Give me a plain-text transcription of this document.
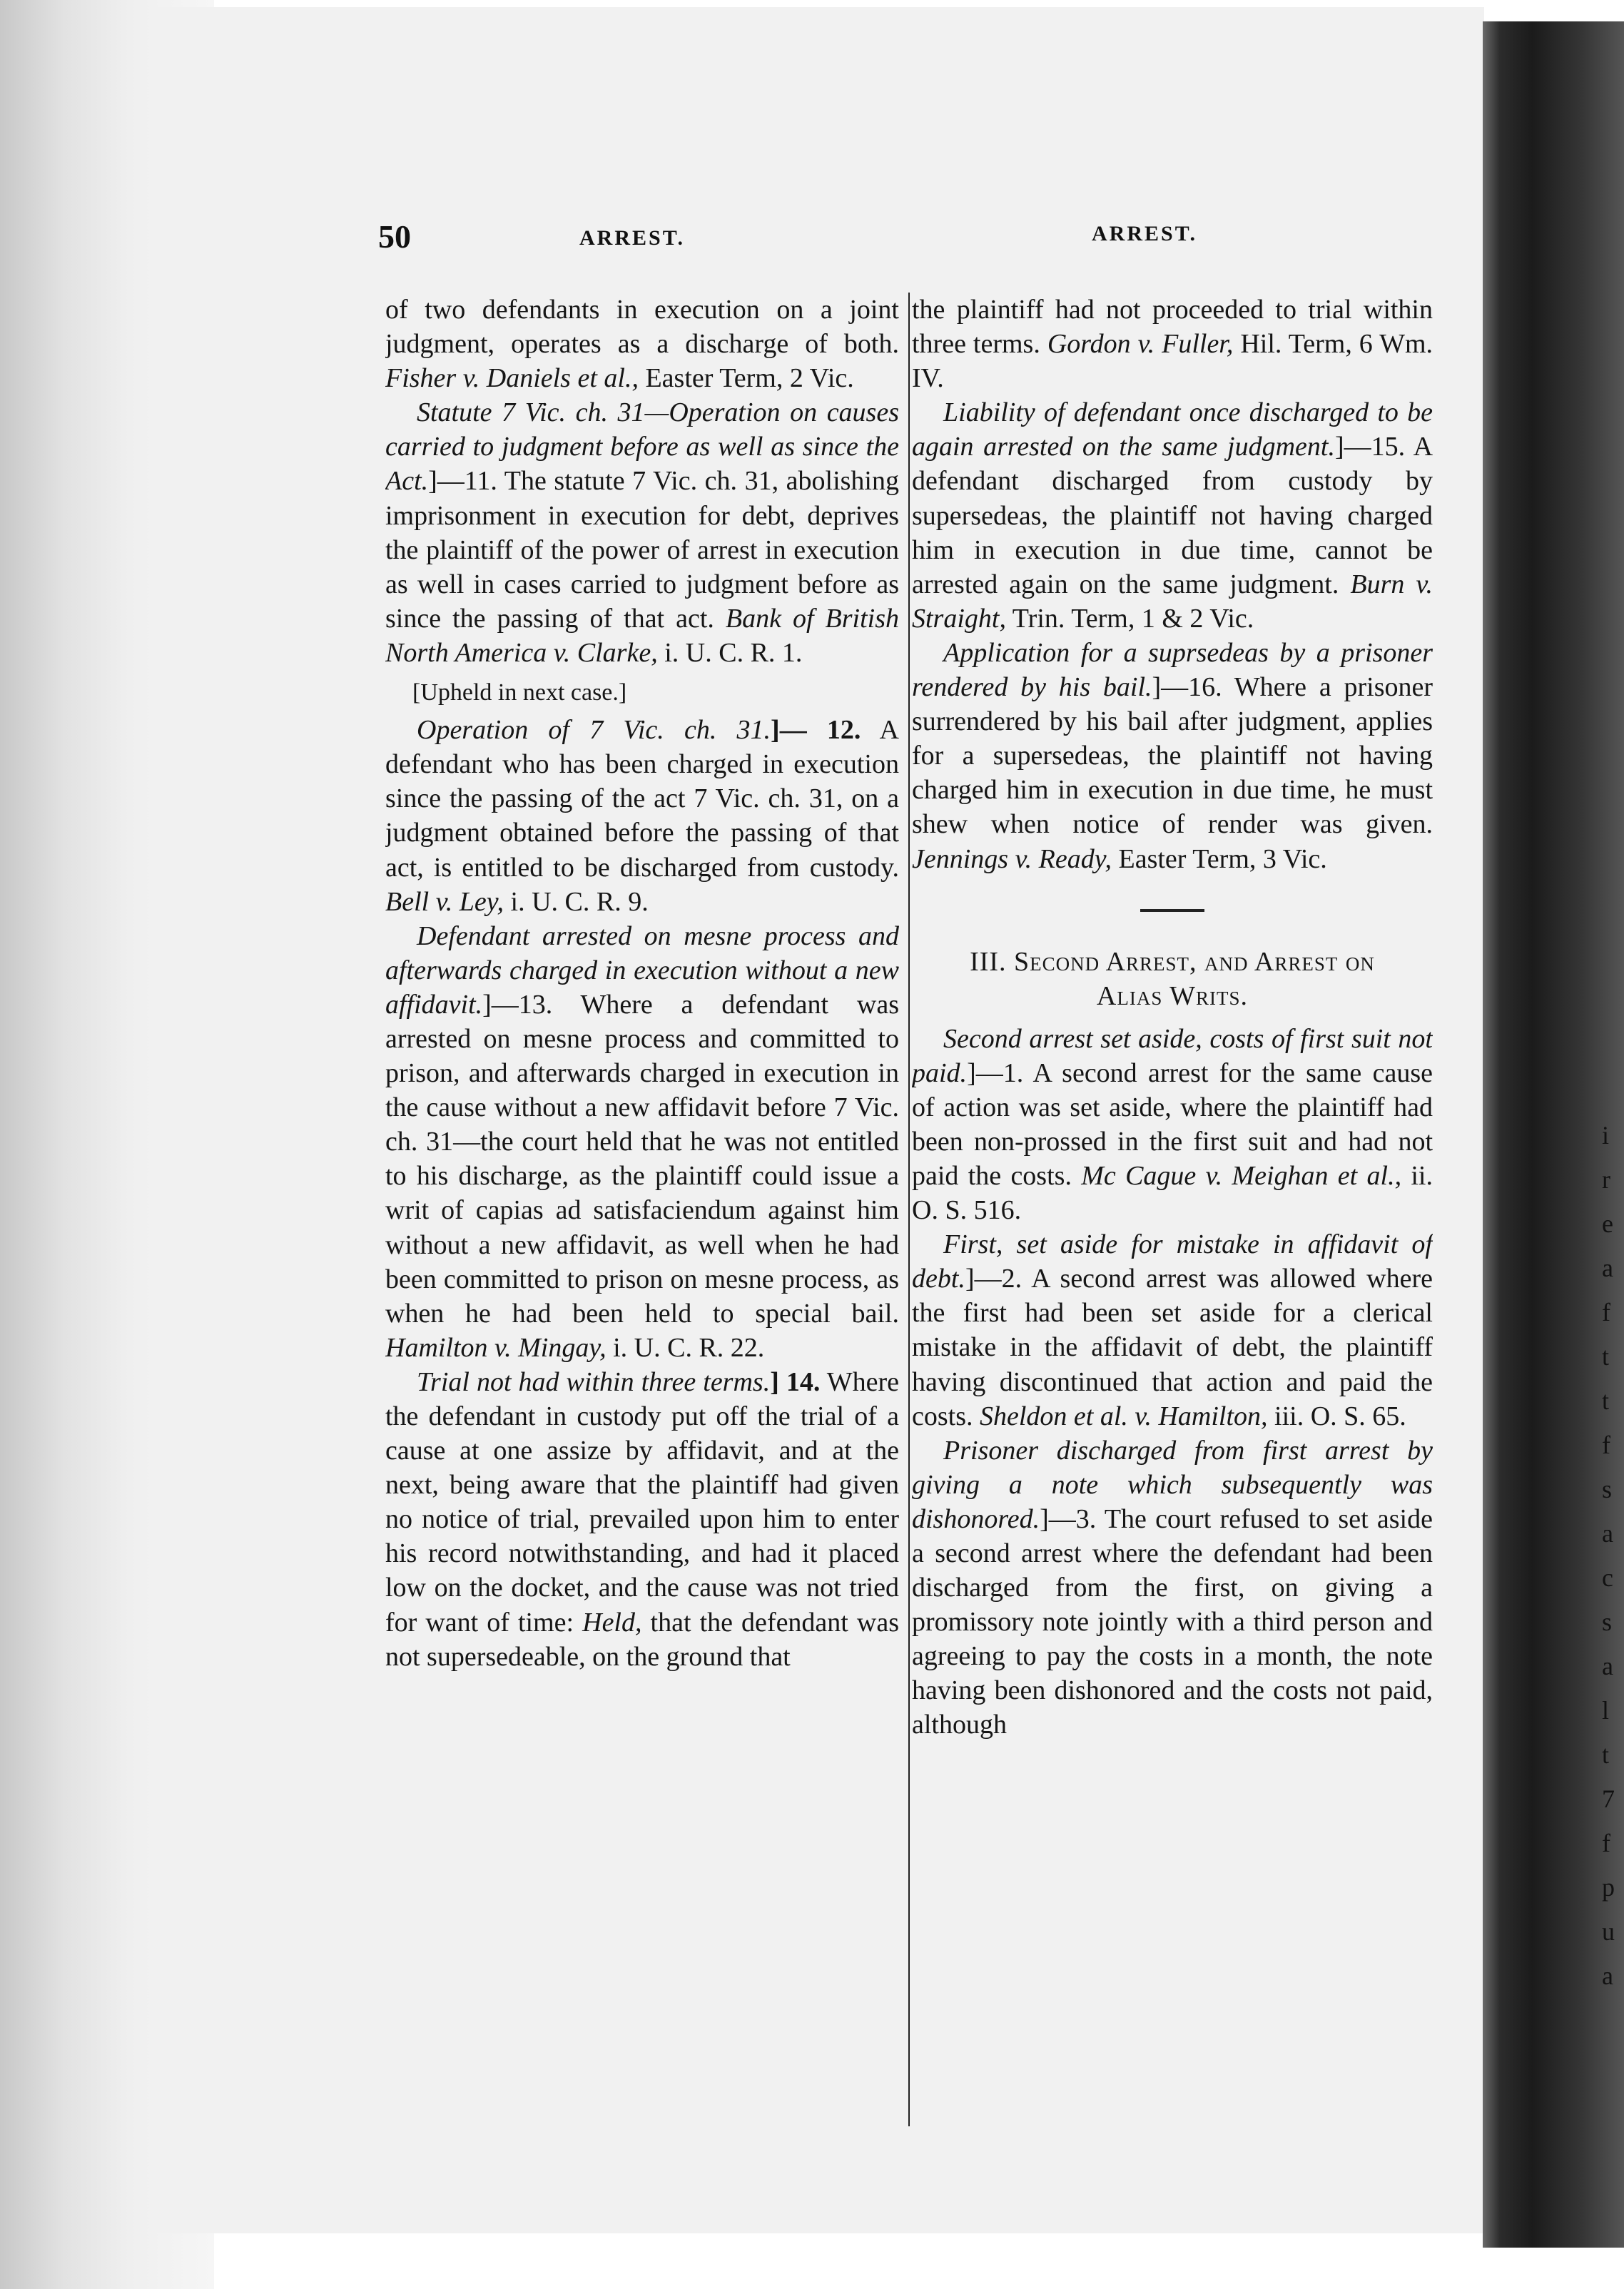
i
r
e
a
f
t
t
f
s
a
c
s
a
l
t
7
f
p
u
a
50	ARREST.	ARREST.

of two defendants in execution on a joint judgment, operates as a discharge of both. Fisher v. Daniels et al., Easter Term, 2 Vic.

Statute 7 Vic. ch. 31—Operation on causes carried to judgment before as well as since the Act.]—11. The statute 7 Vic. ch. 31, abolishing imprisonment in execution for debt, deprives the plaintiff of the power of arrest in execution as well in cases carried to judgment before as since the passing of that act. Bank of British North America v. Clarke, i. U. C. R. 1.

[Upheld in next case.]

Operation of 7 Vic. ch. 31.]— 12. A defendant who has been charged in execution since the passing of the act 7 Vic. ch. 31, on a judgment obtained before the passing of that act, is entitled to be discharged from custody. Bell v. Ley, i. U. C. R. 9.

Defendant arrested on mesne process and afterwards charged in execution without a new affidavit.]—13. Where a defendant was arrested on mesne process and committed to prison, and afterwards charged in execution in the cause without a new affidavit before 7 Vic. ch. 31—the court held that he was not entitled to his discharge, as the plaintiff could issue a writ of capias ad satisfaciendum against him without a new affidavit, as well when he had been committed to prison on mesne process, as when he had been held to special bail. Hamilton v. Mingay, i. U. C. R. 22.

Trial not had within three terms.] 14. Where the defendant in custody put off the trial of a cause at one assize by affidavit, and at the next, being aware that the plaintiff had given no notice of trial, prevailed upon him to enter his record notwithstanding, and had it placed low on the docket, and the cause was not tried for want of time: Held, that the defendant was not supersedeable, on the ground that

the plaintiff had not proceeded to trial within three terms. Gordon v. Fuller, Hil. Term, 6 Wm. IV.

Liability of defendant once discharged to be again arrested on the same judgment.]—15. A defendant discharged from custody by supersedeas, the plaintiff not having charged him in execution in due time, cannot be arrested again on the same judgment. Burn v. Straight, Trin. Term, 1 & 2 Vic.

Application for a suprsedeas by a prisoner rendered by his bail.]—16. Where a prisoner surrendered by his bail after judgment, applies for a supersedeas, the plaintiff not having charged him in execution in due time, he must shew when notice of render was given. Jennings v. Ready, Easter Term, 3 Vic.

III. Second Arrest, and Arrest on
Alias Writs.

Second arrest set aside, costs of first suit not paid.]—1. A second arrest for the same cause of action was set aside, where the plaintiff had been non-prossed in the first suit and had not paid the costs. Mc Cague v. Meighan et al., ii. O. S. 516.

First, set aside for mistake in affidavit of debt.]—2. A second arrest was allowed where the first had been set aside for a clerical mistake in the affidavit of debt, the plaintiff having discontinued that action and paid the costs. Sheldon et al. v. Hamilton, iii. O. S. 65.

Prisoner discharged from first arrest by giving a note which subsequently was dishonored.]—3. The court refused to set aside a second arrest where the defendant had been discharged from the first, on giving a promissory note jointly with a third person and agreeing to pay the costs in a month, the note having been dishonored and the costs not paid, although
